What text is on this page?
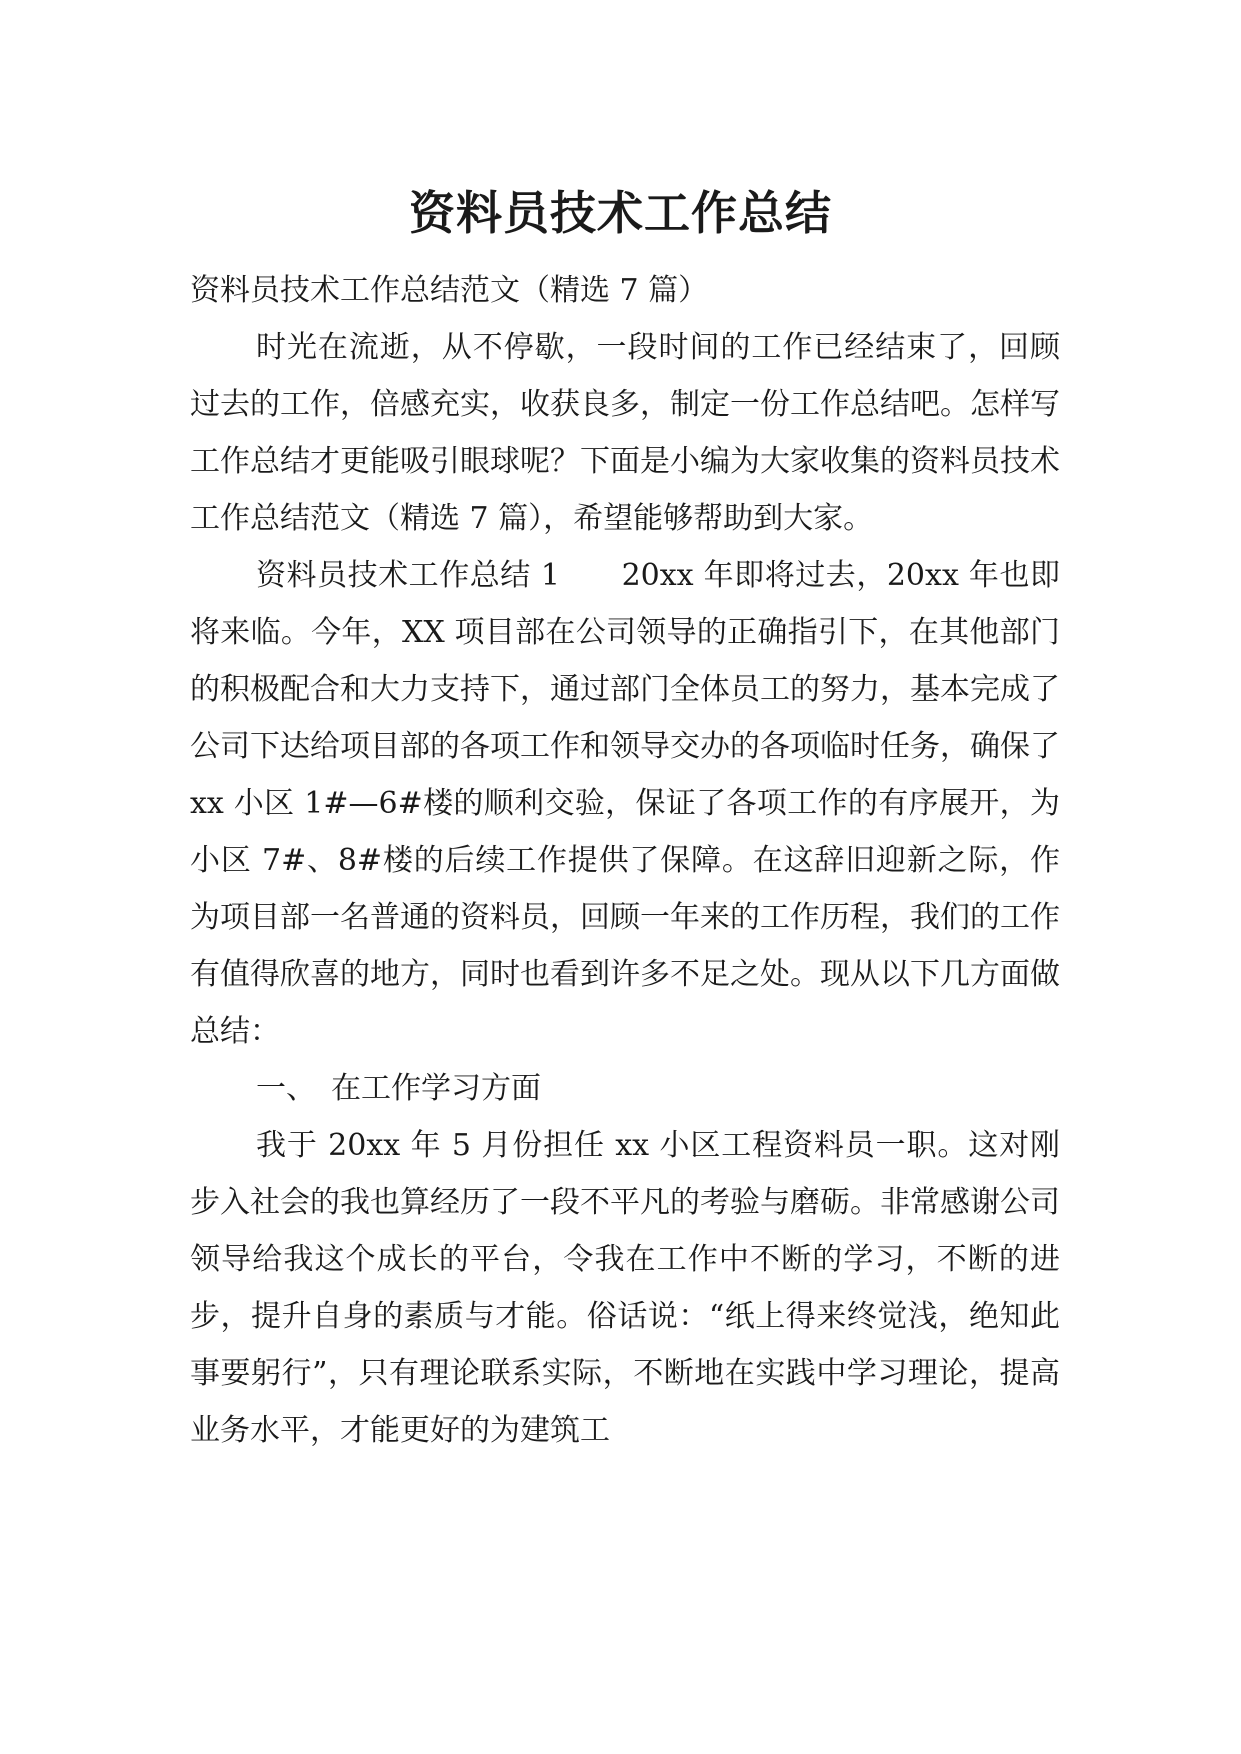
资料员技术工作总结

资料员技术工作总结范文（精选 7 篇）

时光在流逝，从不停歇，一段时间的工作已经结束了，回顾过去的工作，倍感充实，收获良多，制定一份工作总结吧。怎样写工作总结才更能吸引眼球呢？下面是小编为大家收集的资料员技术工作总结范文（精选 7 篇），希望能够帮助到大家。

资料员技术工作总结 1　　20xx 年即将过去，20xx 年也即将来临。今年，XX 项目部在公司领导的正确指引下，在其他部门的积极配合和大力支持下，通过部门全体员工的努力，基本完成了公司下达给项目部的各项工作和领导交办的各项临时任务，确保了 xx 小区 1#—6#楼的顺利交验，保证了各项工作的有序展开，为小区 7#、8#楼的后续工作提供了保障。在这辞旧迎新之际，作为项目部一名普通的资料员，回顾一年来的工作历程，我们的工作有值得欣喜的地方，同时也看到许多不足之处。现从以下几方面做总结：

一、　在工作学习方面

我于 20xx 年 5 月份担任 xx 小区工程资料员一职。这对刚步入社会的我也算经历了一段不平凡的考验与磨砺。非常感谢公司领导给我这个成长的平台，令我在工作中不断的学习，不断的进步，提升自身的素质与才能。俗话说：“纸上得来终觉浅，绝知此事要躬行”，只有理论联系实际，不断地在实践中学习理论，提高业务水平，才能更好的为建筑工
